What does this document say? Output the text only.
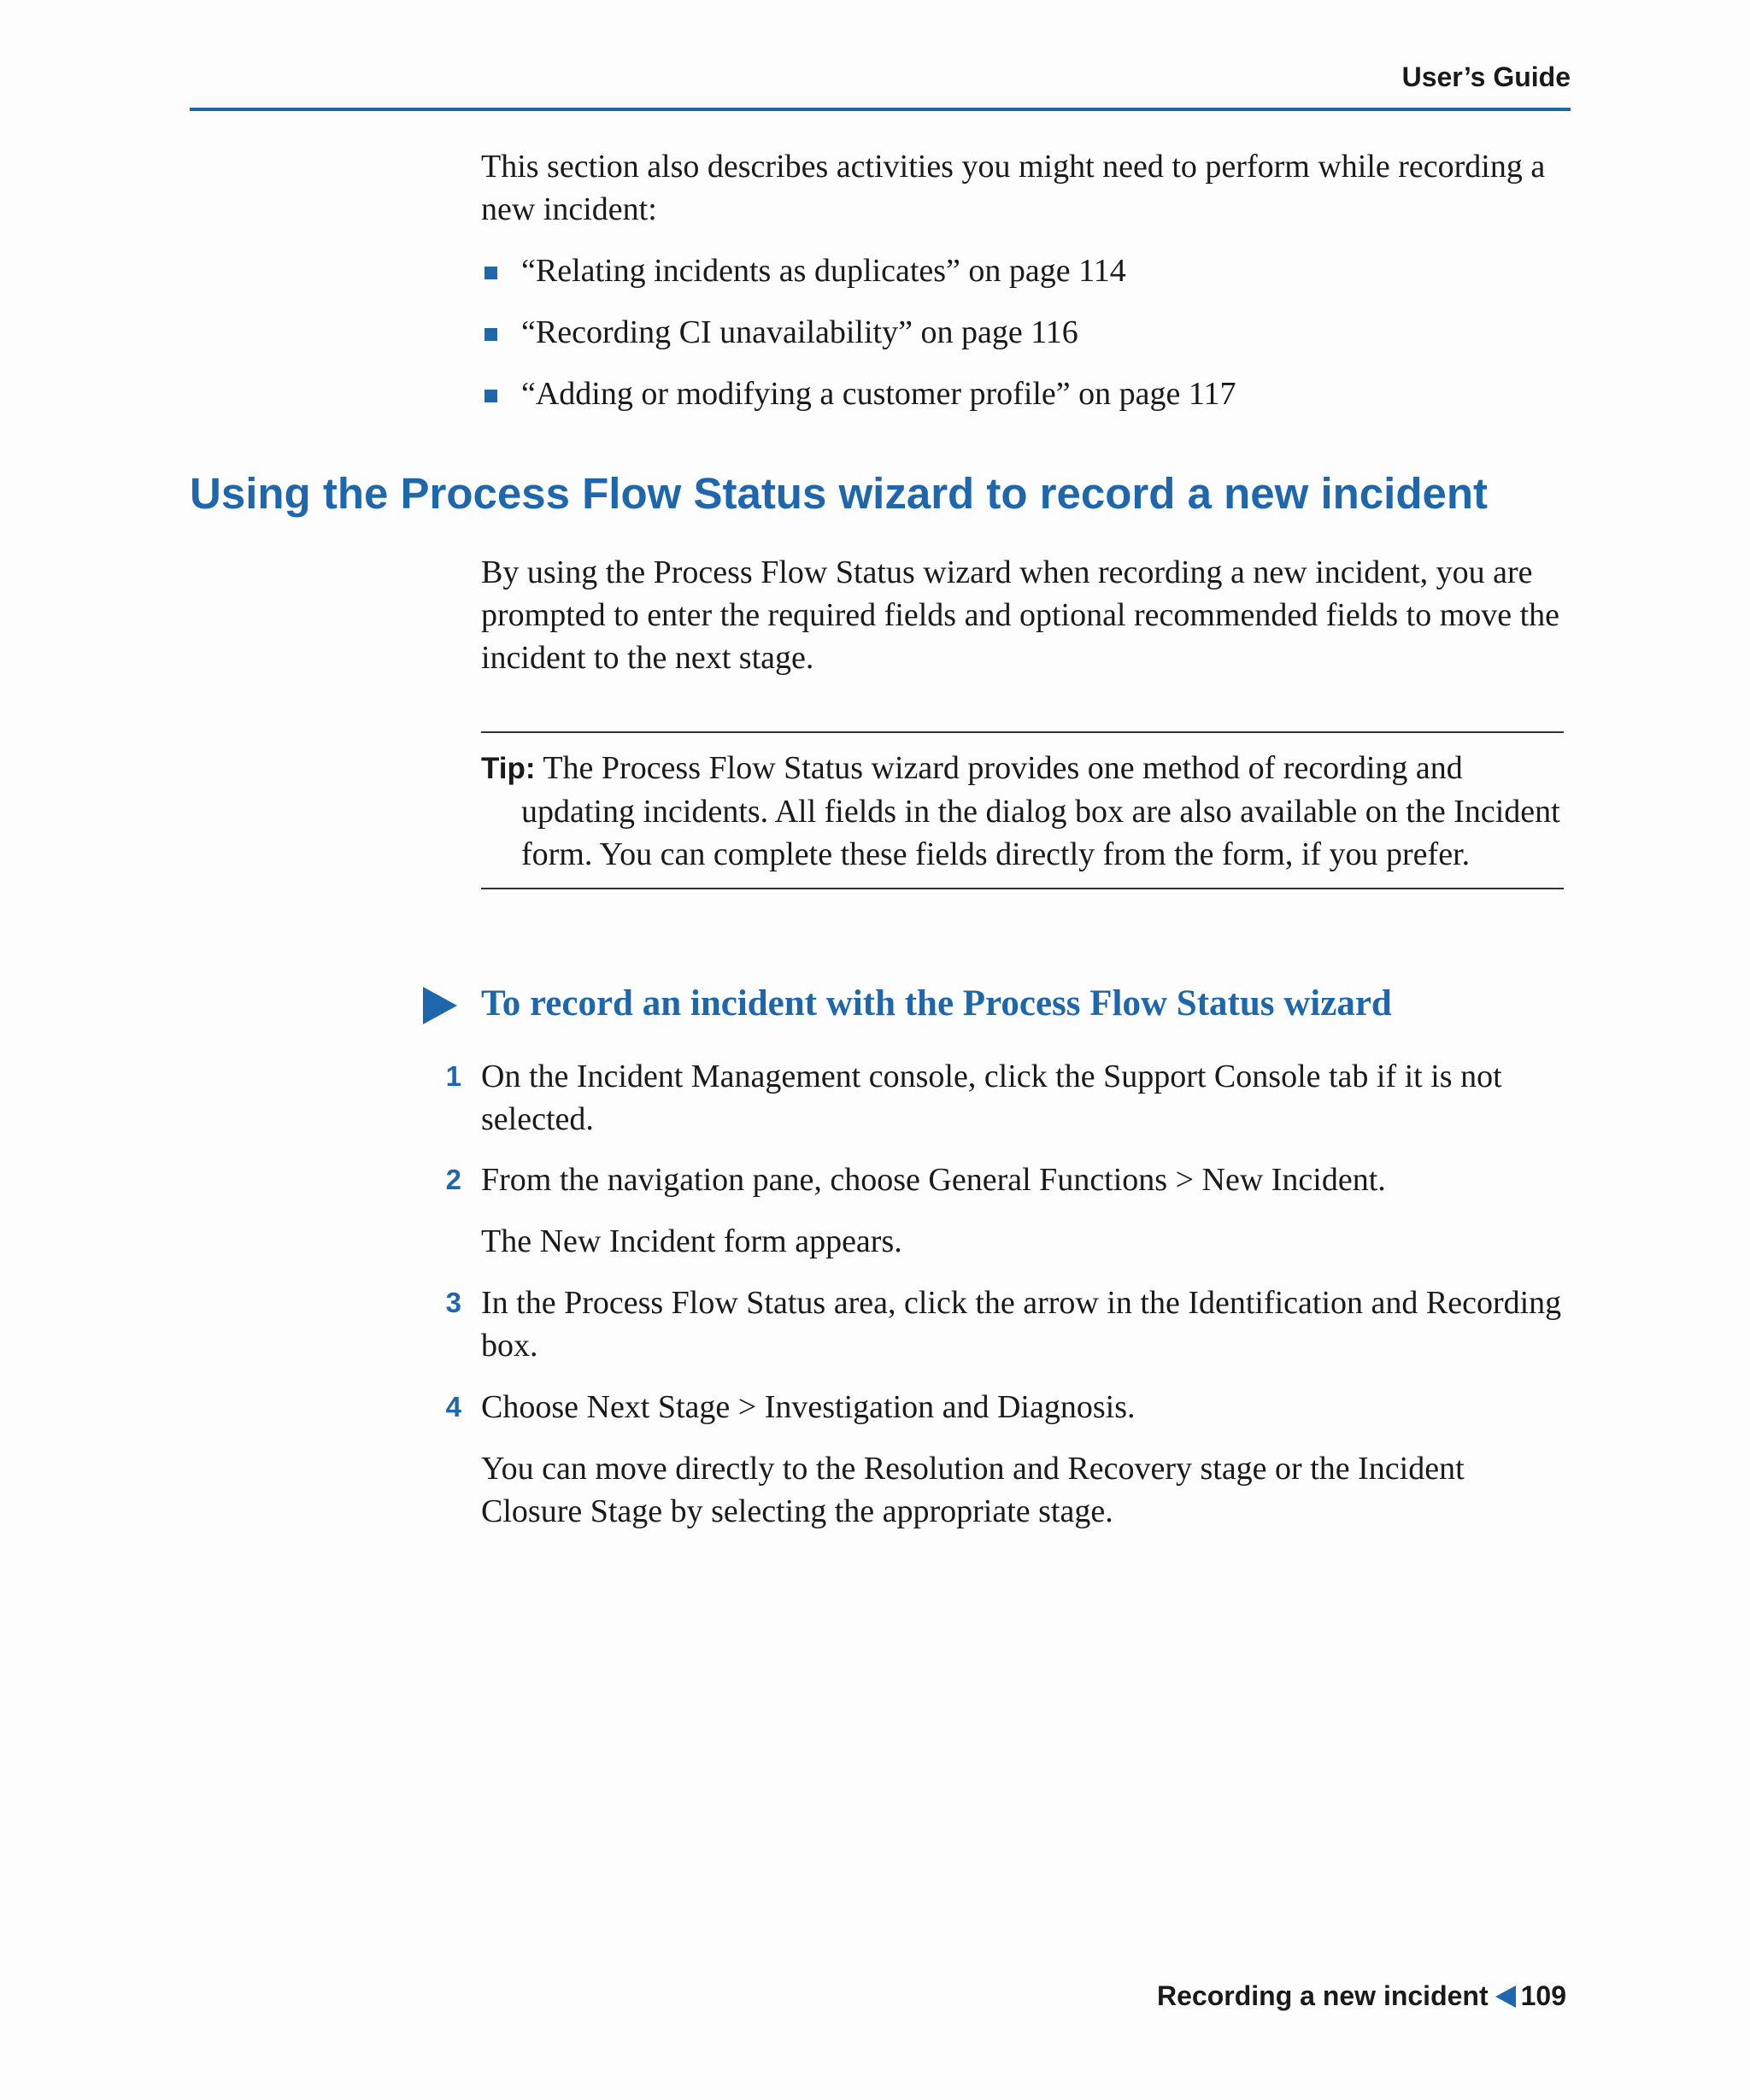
User’s Guide

This section also describes activities you might need to perform while recording a new incident:

“Relating incidents as duplicates” on page 114
“Recording CI unavailability” on page 116
“Adding or modifying a customer profile” on page 117
Using the Process Flow Status wizard to record a new incident

By using the Process Flow Status wizard when recording a new incident, you are prompted to enter the required fields and optional recommended fields to move the incident to the next stage.

Tip: The Process Flow Status wizard provides one method of recording and updating incidents. All fields in the dialog box are also available on the Incident form. You can complete these fields directly from the form, if you prefer.

To record an incident with the Process Flow Status wizard
1 On the Incident Management console, click the Support Console tab if it is not selected.

2 From the navigation pane, choose General Functions > New Incident.

The New Incident form appears.

3 In the Process Flow Status area, click the arrow in the Identification and Recording box.

4 Choose Next Stage > Investigation and Diagnosis.

You can move directly to the Resolution and Recovery stage or the Incident Closure Stage by selecting the appropriate stage.

Recording a new incident 109
